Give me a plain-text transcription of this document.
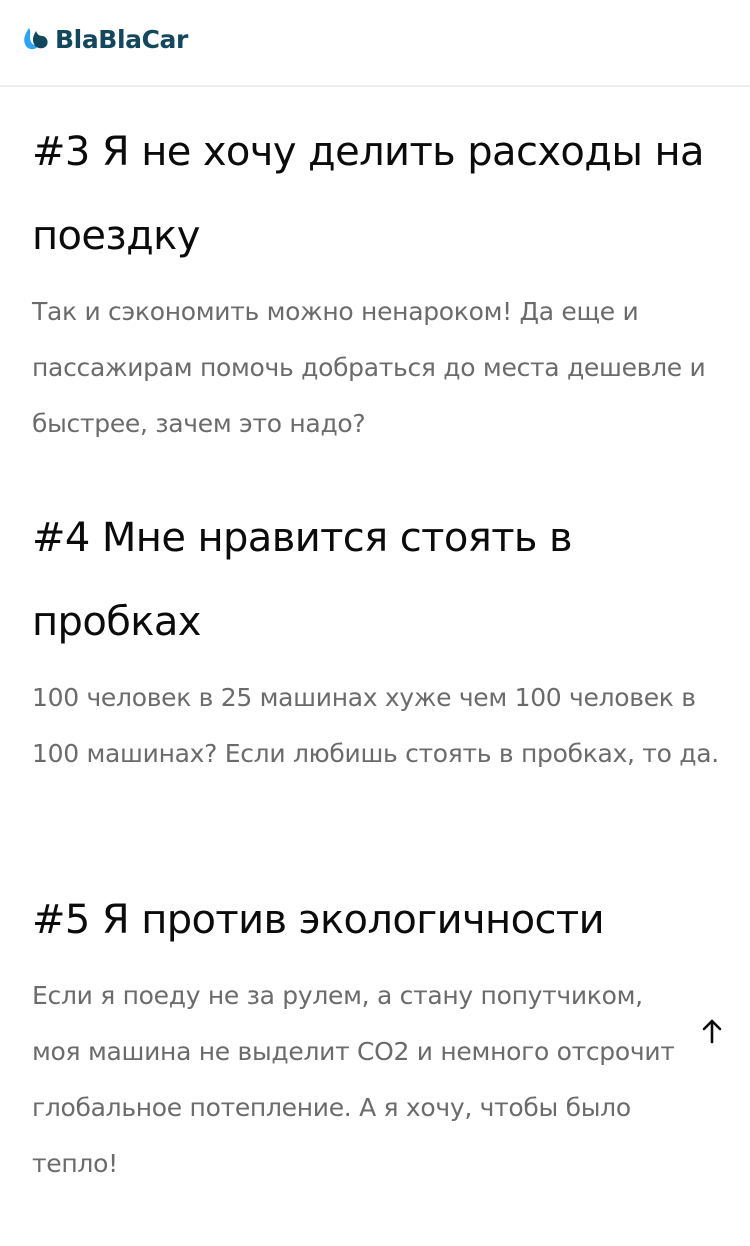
BlaBlaCar
#3 Я не хочу делить расходы на поездку

Так и сэкономить можно ненароком! Да еще и пассажирам помочь добраться до места дешевле и быстрее, зачем это надо?

#4 Мне нравится стоять в пробках

100 человек в 25 машинах хуже чем 100 человек в 100 машинах? Если любишь стоять в пробках, то да.

#5 Я против экологичности

Если я поеду не за рулем, а стану попутчиком, моя машина не выделит CO2 и немного отсрочит глобальное потепление. А я хочу, чтобы было тепло!
